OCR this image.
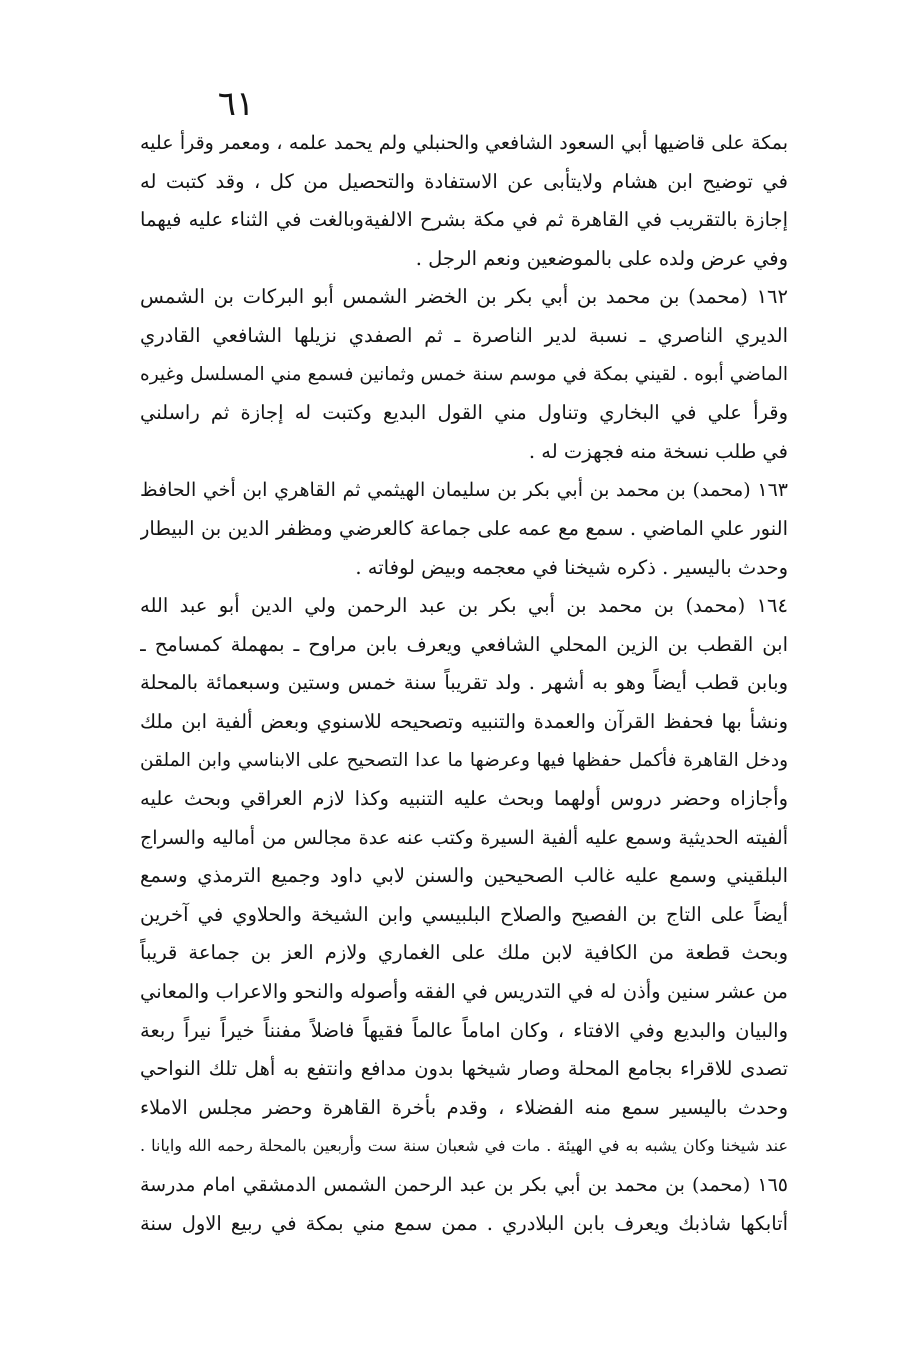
٦١
بمكة على قاضيها أبي السعود الشافعي والحنبلي ولم يحمد علمه ، ومعمر وقرأ عليه
في توضيح ابن هشام ولايتأبى عن الاستفادة والتحصيل من كل ، وقد كتبت له
إجازة بالتقريب في القاهرة ثم في مكة بشرح الالفيةوبالغت في الثناء عليه فيهما
وفي عرض ولده على بالموضعين ونعم الرجل .
١٦٢ (محمد) بن محمد بن أبي بكر بن الخضر الشمس أبو البركات بن الشمس
الديري الناصري ـ نسبة لدير الناصرة ـ ثم الصفدي نزيلها الشافعي القادري
الماضي أبوه . لقيني بمكة في موسم سنة خمس وثمانين فسمع مني المسلسل وغيره
وقرأ علي في البخاري وتناول مني القول البديع وكتبت له إجازة ثم راسلني
في طلب نسخة منه فجهزت له .
١٦٣ (محمد) بن محمد بن أبي بكر بن سليمان الهيثمي ثم القاهري ابن أخي الحافظ
النور علي الماضي . سمع مع عمه على جماعة كالعرضي ومظفر الدين بن البيطار
وحدث باليسير . ذكره شيخنا في معجمه وبيض لوفاته .
١٦٤ (محمد) بن محمد بن أبي بكر بن عبد الرحمن ولي الدين أبو عبد الله
ابن القطب بن الزين المحلي الشافعي ويعرف بابن مراوح ـ بمهملة كمسامح ـ
وبابن قطب أيضاً وهو به أشهر . ولد تقريباً سنة خمس وستين وسبعمائة بالمحلة
ونشأ بها فحفظ القرآن والعمدة والتنبيه وتصحيحه للاسنوي وبعض ألفية ابن ملك
ودخل القاهرة فأكمل حفظها فيها وعرضها ما عدا التصحيح على الابناسي وابن الملقن
وأجازاه وحضر دروس أولهما وبحث عليه التنبيه وكذا لازم العراقي وبحث عليه
ألفيته الحديثية وسمع عليه ألفية السيرة وكتب عنه عدة مجالس من أماليه والسراج
البلقيني وسمع عليه غالب الصحيحين والسنن لابي داود وجميع الترمذي وسمع
أيضاً على التاج بن الفصيح والصلاح البلبيسي وابن الشيخة والحلاوي في آخرين
وبحث قطعة من الكافية لابن ملك على الغماري ولازم العز بن جماعة قريباً
من عشر سنين وأذن له في التدريس في الفقه وأصوله والنحو والاعراب والمعاني
والبيان والبديع وفي الافتاء ، وكان اماماً عالماً فقيهاً فاضلاً مفنناً خيراً نيراً ربعة
تصدى للاقراء بجامع المحلة وصار شيخها بدون مدافع وانتفع به أهل تلك النواحي
وحدث باليسير سمع منه الفضلاء ، وقدم بأخرة القاهرة وحضر مجلس الاملاء
عند شيخنا وكان يشبه به في الهيئة . مات في شعبان سنة ست وأربعين بالمحلة رحمه الله وايانا .
١٦٥ (محمد) بن محمد بن أبي بكر بن عبد الرحمن الشمس الدمشقي امام مدرسة
أتابكها شاذبك ويعرف بابن البلادري . ممن سمع مني بمكة في ربيع الاول سنة
